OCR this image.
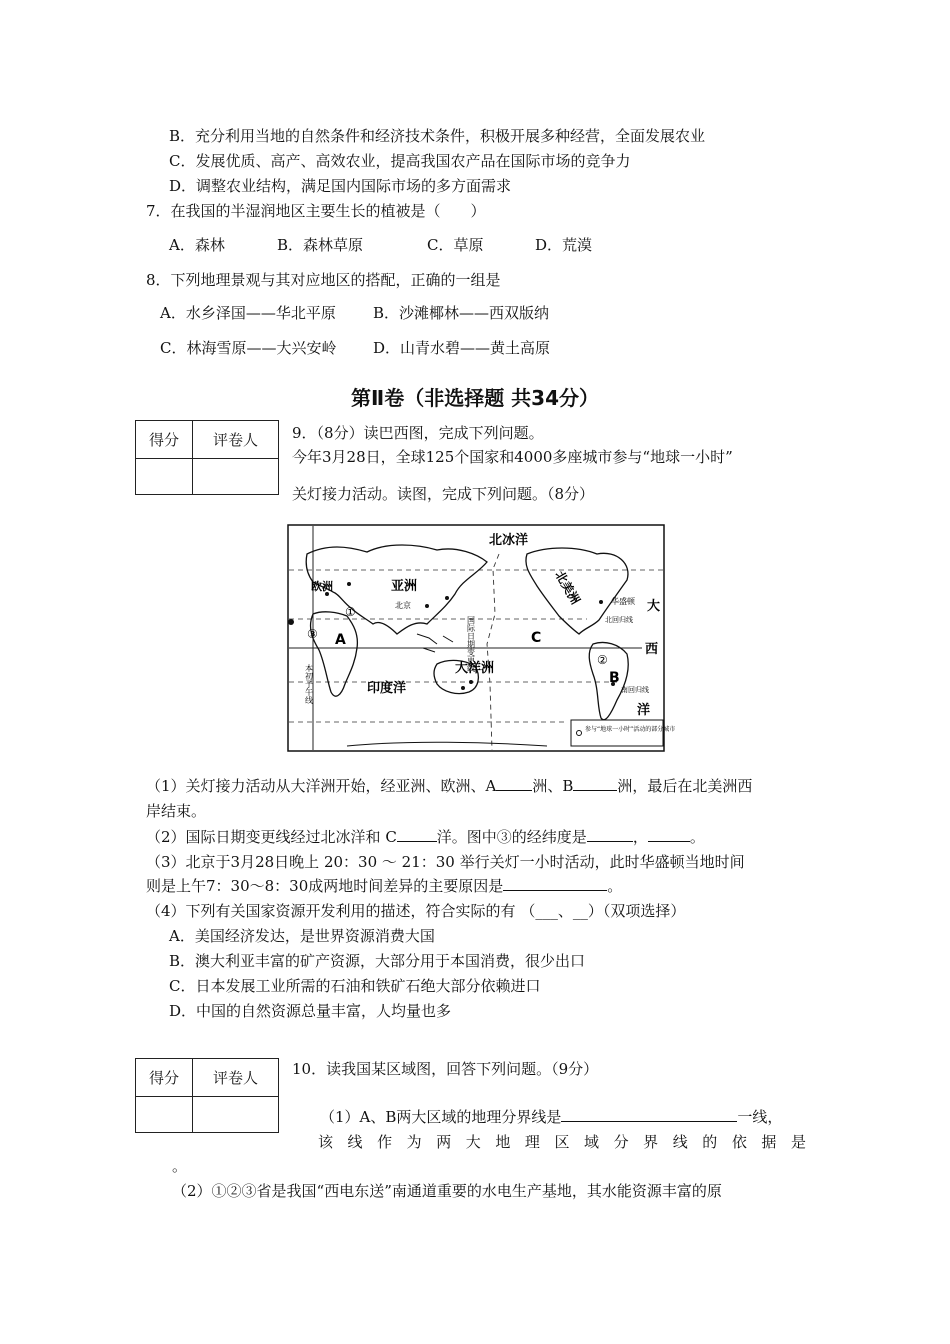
B．充分利用当地的自然条件和经济技术条件，积极开展多种经营，全面发展农业
C．发展优质、高产、高效农业，提高我国农产品在国际市场的竞争力
D．调整农业结构，满足国内国际市场的多方面需求
7．在我国的半湿润地区主要生长的植被是（　　）
A．森林	B．森林草原	C．草原	D．荒漠
8．下列地理景观与其对应地区的搭配，正确的一组是
A．水乡泽国——华北平原 B．沙滩椰林——西双版纳
C．林海雪原——大兴安岭 D．山青水碧——黄土高原
第Ⅱ卷（非选择题 共34分）
得分	评卷人
	9．（8分）读巴西图，完成下列问题。
今年3月28日，全球125个国家和4000多座城市参与“地球一小时”
关灯接力活动。读图，完成下列问题。（8分）
北冰洋
亚洲
欧洲
北京	北美洲	华盛顿 大
北回归线
西
洋
国际日期变更线
大洋洲
印度洋	南回归线
本初子午线
参与“地球一小时”活动的部分城市
A
B
C
①
②
③
（1）关灯接力活动从大洋洲开始，经亚洲、欧洲、A 洲、B	洲，最后在北美洲西
岸结束。
（2）国际日期变更线经过北冰洋和 C	洋。图中③的经纬度是	，	。
（3）北京于3月28日晚上 20：30 ～ 21：30 举行关灯一小时活动，此时华盛顿当地时间
则是上午7：30～8：30成两地时间差异的主要原因是	。
（4）下列有关国家资源开发利用的描述，符合实际的有 （___、__）（双项选择）
A．美国经济发达，是世界资源消费大国
B．澳大利亚丰富的矿产资源，大部分用于本国消费，很少出口
C．日本发展工业所需的石油和铁矿石绝大部分依赖进口
D．中国的自然资源总量丰富，人均量也多
得分	评卷人
	10．读我国某区域图，回答下列问题。（9分）
（1）A、B两大区域的地理分界线是	一线，
该线作为两大地理区域分界线的依据是
。
（2）①②③省是我国“西电东送”南通道重要的水电生产基地，其水能资源丰富的原
